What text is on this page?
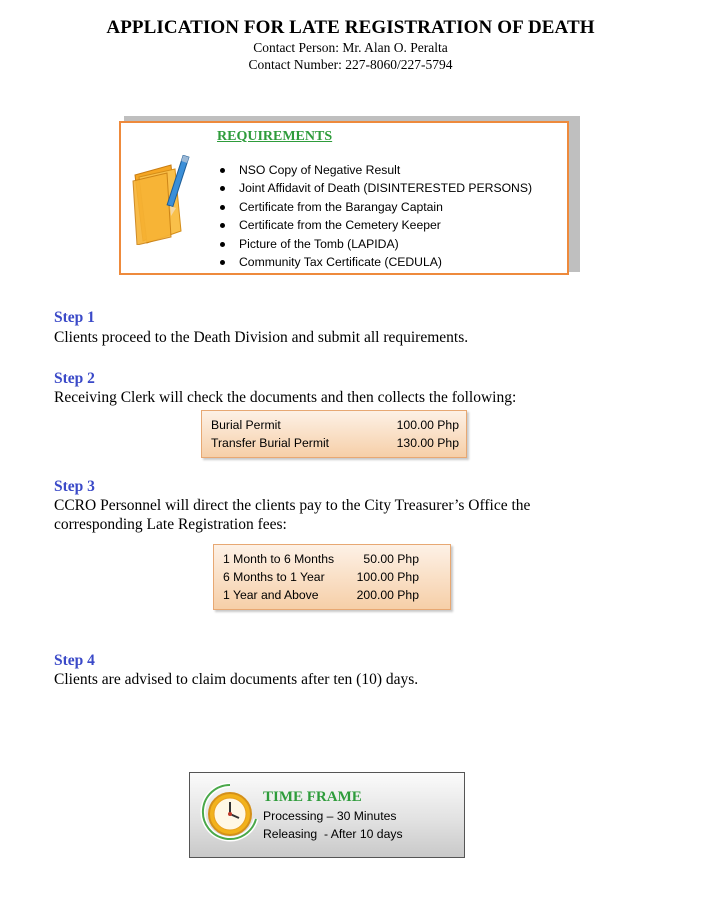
APPLICATION FOR LATE REGISTRATION OF DEATH
Contact Person: Mr. Alan O. Peralta
Contact Number: 227-8060/227-5794
REQUIREMENTS
NSO Copy of Negative Result
Joint Affidavit of Death (DISINTERESTED PERSONS)
Certificate from the Barangay Captain
Certificate from the Cemetery Keeper
Picture of the Tomb (LAPIDA)
Community Tax Certificate (CEDULA)
Step 1
Clients proceed to the Death Division and submit all requirements.
Step 2
Receiving Clerk will check the documents and then collects the following:
Burial Permit	100.00 Php
Transfer Burial Permit	130.00 Php
Step 3
CCRO Personnel will direct the clients pay to the City Treasurer’s Office the corresponding Late Registration fees:
1 Month to 6 Months 50.00 Php
6 Months to 1 Year	100.00 Php
1 Year and Above	200.00 Php
Step 4
Clients are advised to claim documents after ten (10) days.
TIME FRAME
Processing – 30 Minutes
Releasing  - After 10 days
